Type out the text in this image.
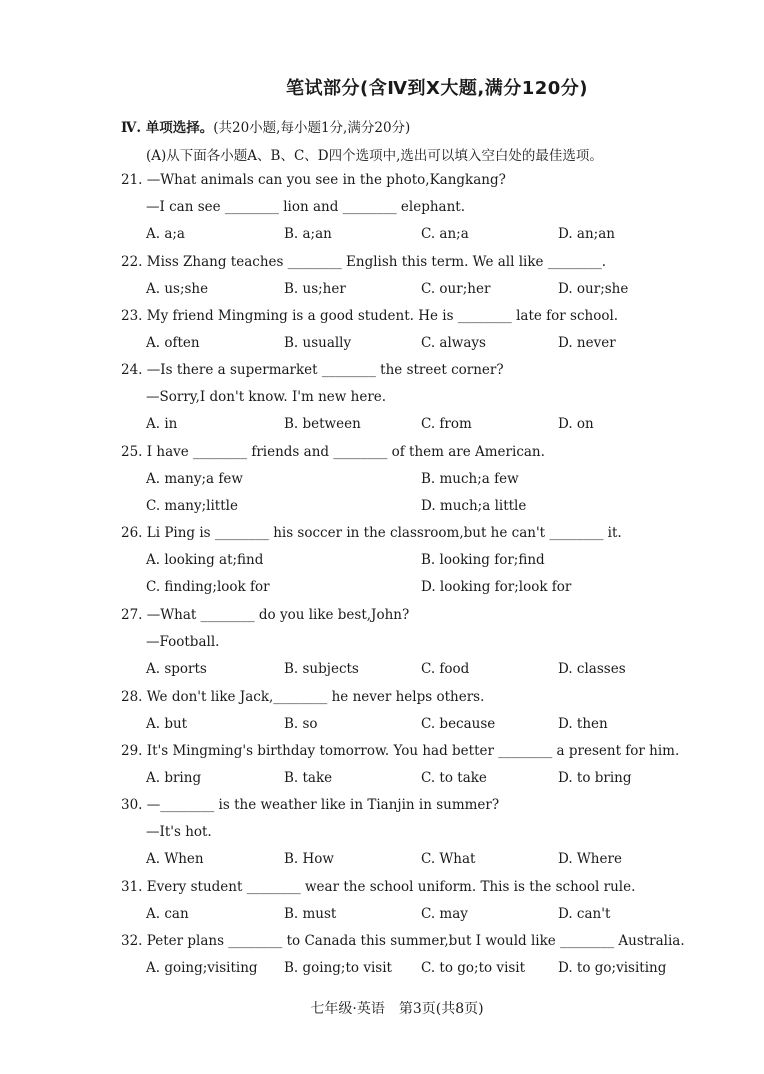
笔试部分(含Ⅳ到Ⅹ大题,满分120分)
Ⅳ. 单项选择。(共20小题,每小题1分,满分20分)
(A)从下面各小题A、B、C、D四个选项中,选出可以填入空白处的最佳选项。
21. —What animals can you see in the photo,Kangkang?
—I can see ________ lion and ________ elephant.
A. a;a	B. a;an	C. an;a	D. an;an
22. Miss Zhang teaches ________ English this term. We all like ________.
A. us;she	B. us;her	C. our;her	D. our;she
23. My friend Mingming is a good student. He is ________ late for school.
A. often	B. usually	C. always	D. never
24. —Is there a supermarket ________ the street corner?
—Sorry,I don't know. I'm new here.
A. in	B. between	C. from	D. on
25. I have ________ friends and ________ of them are American.
A. many;a few	B. much;a few
C. many;little	D. much;a little
26. Li Ping is ________ his soccer in the classroom,but he can't ________ it.
A. looking at;find	B. looking for;find
C. finding;look for	D. looking for;look for
27. —What ________ do you like best,John?
—Football.
A. sports	B. subjects	C. food	D. classes
28. We don't like Jack,________ he never helps others.
A. but	B. so	C. because	D. then
29. It's Mingming's birthday tomorrow. You had better ________ a present for him.
A. bring	B. take	C. to take	D. to bring
30. —________ is the weather like in Tianjin in summer?
—It's hot.
A. When	B. How	C. What	D. Where
31. Every student ________ wear the school uniform. This is the school rule.
A. can	B. must	C. may	D. can't
32. Peter plans ________ to Canada this summer,but I would like ________ Australia.
A. going;visiting B. going;to visit C. to go;to visit D. to go;visiting
七年级·英语　第3页(共8页)
